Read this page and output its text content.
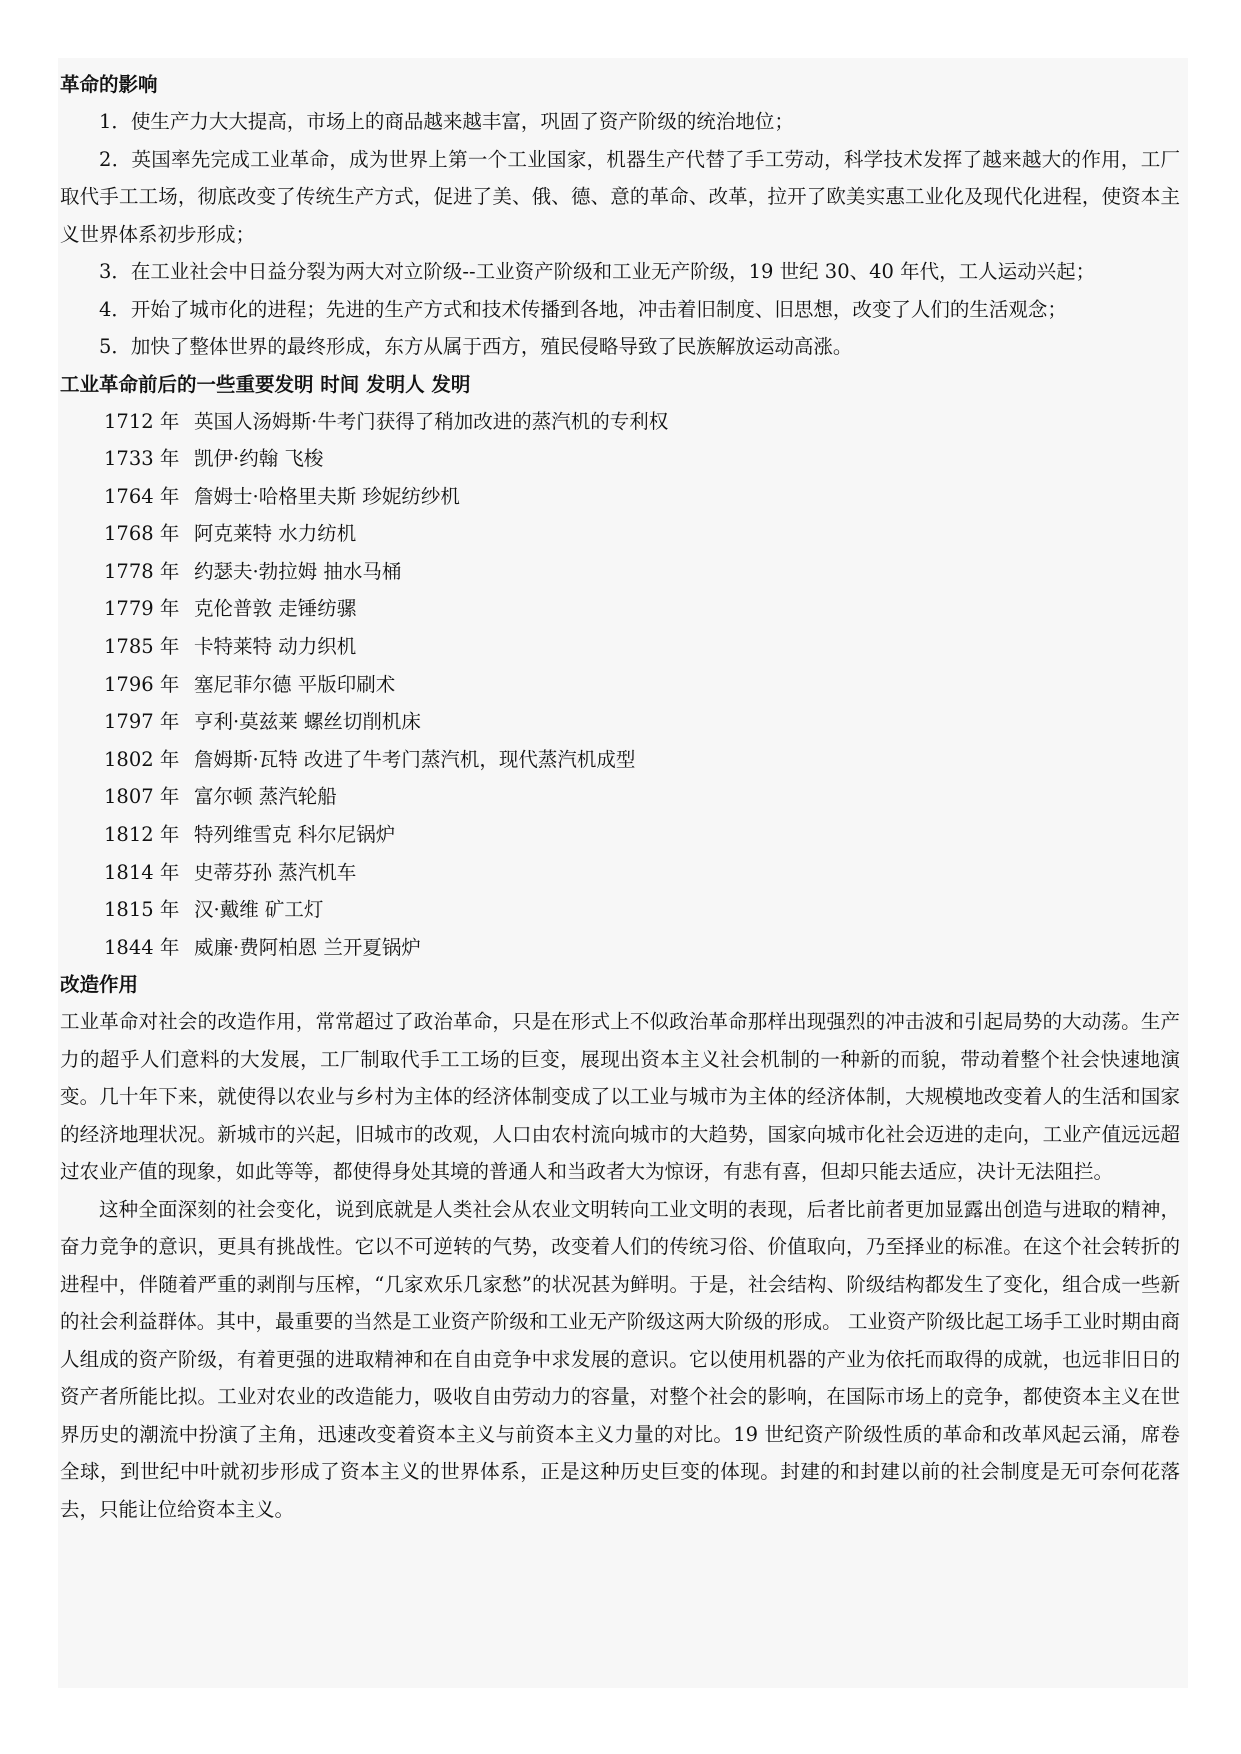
革命的影响

1．使生产力大大提高，市场上的商品越来越丰富，巩固了资产阶级的统治地位；

2．英国率先完成工业革命，成为世界上第一个工业国家，机器生产代替了手工劳动，科学技术发挥了越来越大的作用，工厂取代手工工场，彻底改变了传统生产方式，促进了美、俄、德、意的革命、改革，拉开了欧美实惠工业化及现代化进程，使资本主义世界体系初步形成；

3．在工业社会中日益分裂为两大对立阶级--工业资产阶级和工业无产阶级，19 世纪 30、40 年代，工人运动兴起；

4．开始了城市化的进程；先进的生产方式和技术传播到各地，冲击着旧制度、旧思想，改变了人们的生活观念；

5．加快了整体世界的最终形成，东方从属于西方，殖民侵略导致了民族解放运动高涨。

工业革命前后的一些重要发明 时间 发明人 发明

1712 年 英国人汤姆斯·牛考门获得了稍加改进的蒸汽机的专利权

1733 年 凯伊·约翰 飞梭

1764 年 詹姆士·哈格里夫斯 珍妮纺纱机

1768 年 阿克莱特 水力纺机

1778 年 约瑟夫·勃拉姆 抽水马桶

1779 年 克伦普敦 走锤纺骡

1785 年 卡特莱特 动力织机

1796 年 塞尼菲尔德 平版印刷术

1797 年 亨利·莫兹莱 螺丝切削机床

1802 年 詹姆斯·瓦特 改进了牛考门蒸汽机，现代蒸汽机成型

1807 年 富尔顿 蒸汽轮船

1812 年 特列维雪克 科尔尼锅炉

1814 年 史蒂芬孙 蒸汽机车

1815 年 汉·戴维 矿工灯

1844 年 威廉·费阿柏恩 兰开夏锅炉

改造作用

工业革命对社会的改造作用，常常超过了政治革命，只是在形式上不似政治革命那样出现强烈的冲击波和引起局势的大动荡。生产力的超乎人们意料的大发展，工厂制取代手工工场的巨变，展现出资本主义社会机制的一种新的而貌，带动着整个社会快速地演变。几十年下来，就使得以农业与乡村为主体的经济体制变成了以工业与城市为主体的经济体制，大规模地改变着人的生活和国家的经济地理状况。新城市的兴起，旧城市的改观，人口由农村流向城市的大趋势，国家向城市化社会迈进的走向，工业产值远远超过农业产值的现象，如此等等，都使得身处其境的普通人和当政者大为惊讶，有悲有喜，但却只能去适应，决计无法阻拦。

这种全面深刻的社会变化，说到底就是人类社会从农业文明转向工业文明的表现，后者比前者更加显露出创造与进取的精神，奋力竞争的意识，更具有挑战性。它以不可逆转的气势，改变着人们的传统习俗、价值取向，乃至择业的标准。在这个社会转折的进程中，伴随着严重的剥削与压榨，“几家欢乐几家愁”的状况甚为鲜明。于是，社会结构、阶级结构都发生了变化，组合成一些新的社会利益群体。其中，最重要的当然是工业资产阶级和工业无产阶级这两大阶级的形成。 工业资产阶级比起工场手工业时期由商人组成的资产阶级，有着更强的进取精神和在自由竞争中求发展的意识。它以使用机器的产业为依托而取得的成就，也远非旧日的资产者所能比拟。工业对农业的改造能力，吸收自由劳动力的容量，对整个社会的影响，在国际市场上的竞争，都使资本主义在世界历史的潮流中扮演了主角，迅速改变着资本主义与前资本主义力量的对比。19 世纪资产阶级性质的革命和改革风起云涌，席卷全球，到世纪中叶就初步形成了资本主义的世界体系，正是这种历史巨变的体现。封建的和封建以前的社会制度是无可奈何花落去，只能让位给资本主义。
